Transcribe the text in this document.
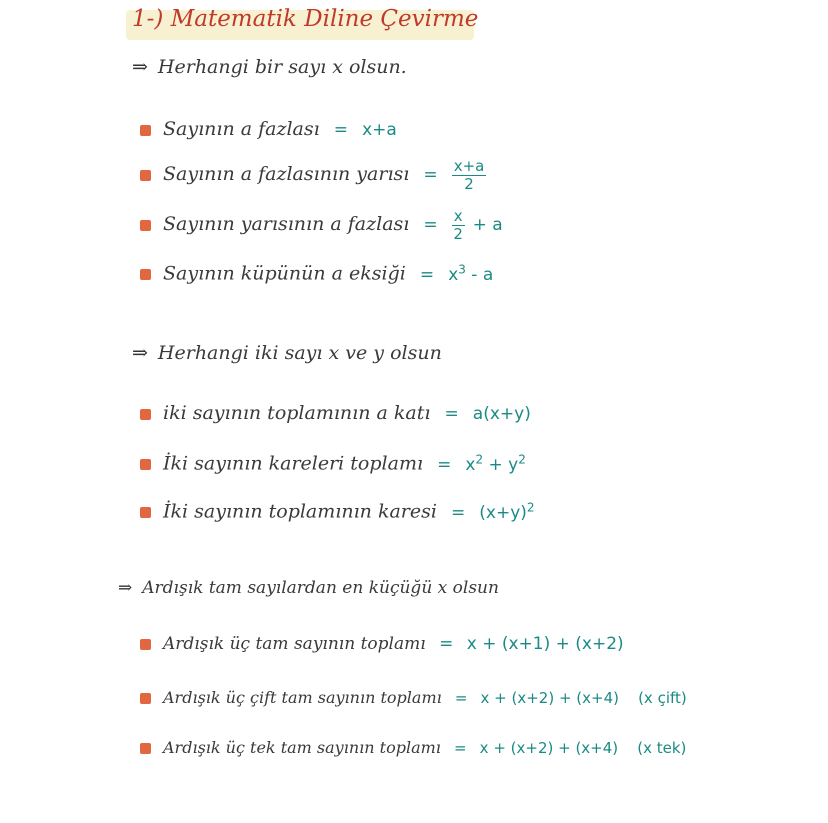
1-) Matematik Diline Çevirme
⇒ Herhangi bir sayı x olsun.
Sayının a fazlası = x+a
Sayının a fazlasının yarısı = $\frac{x+a}{2}$
Sayının yarısının a fazlası = $\frac{x}{2} + a$
Sayının küpünün a eksiği = $x^3$ - a
⇒ Herhangi iki sayı x ve y olsun
iki sayının toplamının a katı = a(x+y)
İki sayının kareleri toplamı = $x^2 + y^2$
İki sayının toplamının karesi = $(x+y)^2$
⇒ Ardışık tam sayılardan en küçüğü x olsun
Ardışık üç tam sayının toplamı = x + (x+1) + (x+2)
Ardışık üç çift tam sayının toplamı = x + (x+2) + (x+4) (x çift)
Ardışık üç tek tam sayının toplamı = x + (x+2) + (x+4) (x tek)
